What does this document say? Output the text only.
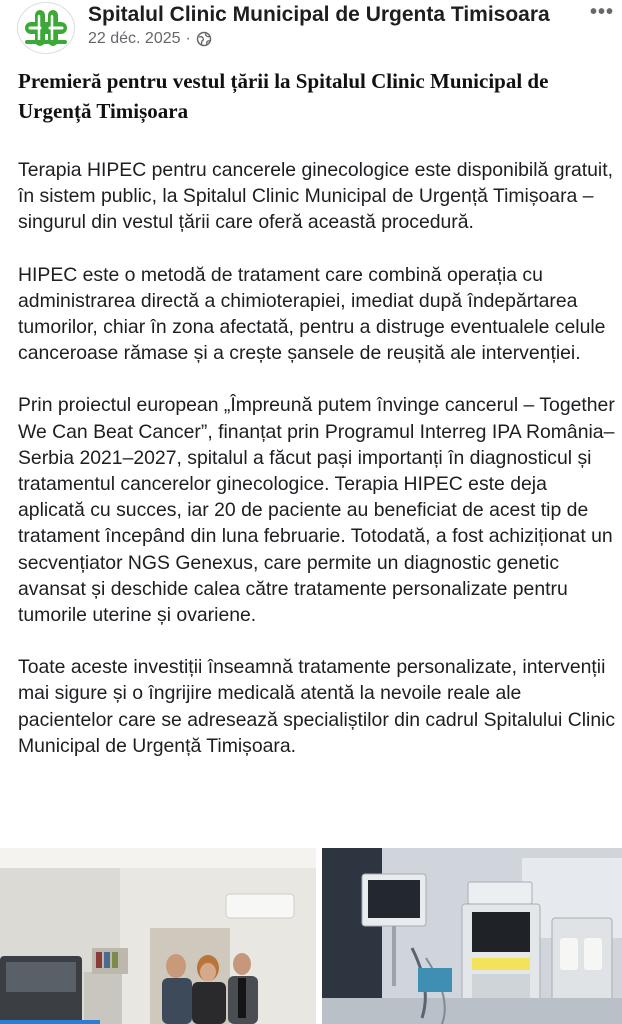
Spitalul Clinic Municipal de Urgenta Timisoara
22 déc. 2025 ·
•••
Premieră pentru vestul țării la Spitalul Clinic Municipal de Urgență Timișoara

Terapia HIPEC pentru cancerele ginecologice este disponibilă gratuit, în sistem public, la Spitalul Clinic Municipal de Urgență Timișoara – singurul din vestul țării care oferă această procedură.

HIPEC este o metodă de tratament care combină operația cu administrarea directă a chimioterapiei, imediat după îndepărtarea tumorilor, chiar în zona afectată, pentru a distruge eventualele celule canceroase rămase și a crește șansele de reușită ale intervenției.

Prin proiectul european „Împreună putem învinge cancerul – Together We Can Beat Cancer”, finanțat prin Programul Interreg IPA România–Serbia 2021–2027, spitalul a făcut pași importanți în diagnosticul și tratamentul cancerelor ginecologice. Terapia HIPEC este deja aplicată cu succes, iar 20 de paciente au beneficiat de acest tip de tratament începând din luna februarie. Totodată, a fost achiziționat un secvențiator NGS Genexus, care permite un diagnostic genetic avansat și deschide calea către tratamente personalizate pentru tumorile uterine și ovariene.

Toate aceste investiții înseamnă tratamente personalizate, intervenții mai sigure și o îngrijire medicală atentă la nevoile reale ale pacientelor care se adresează specialiștilor din cadrul Spitalului Clinic Municipal de Urgență Timișoara.
